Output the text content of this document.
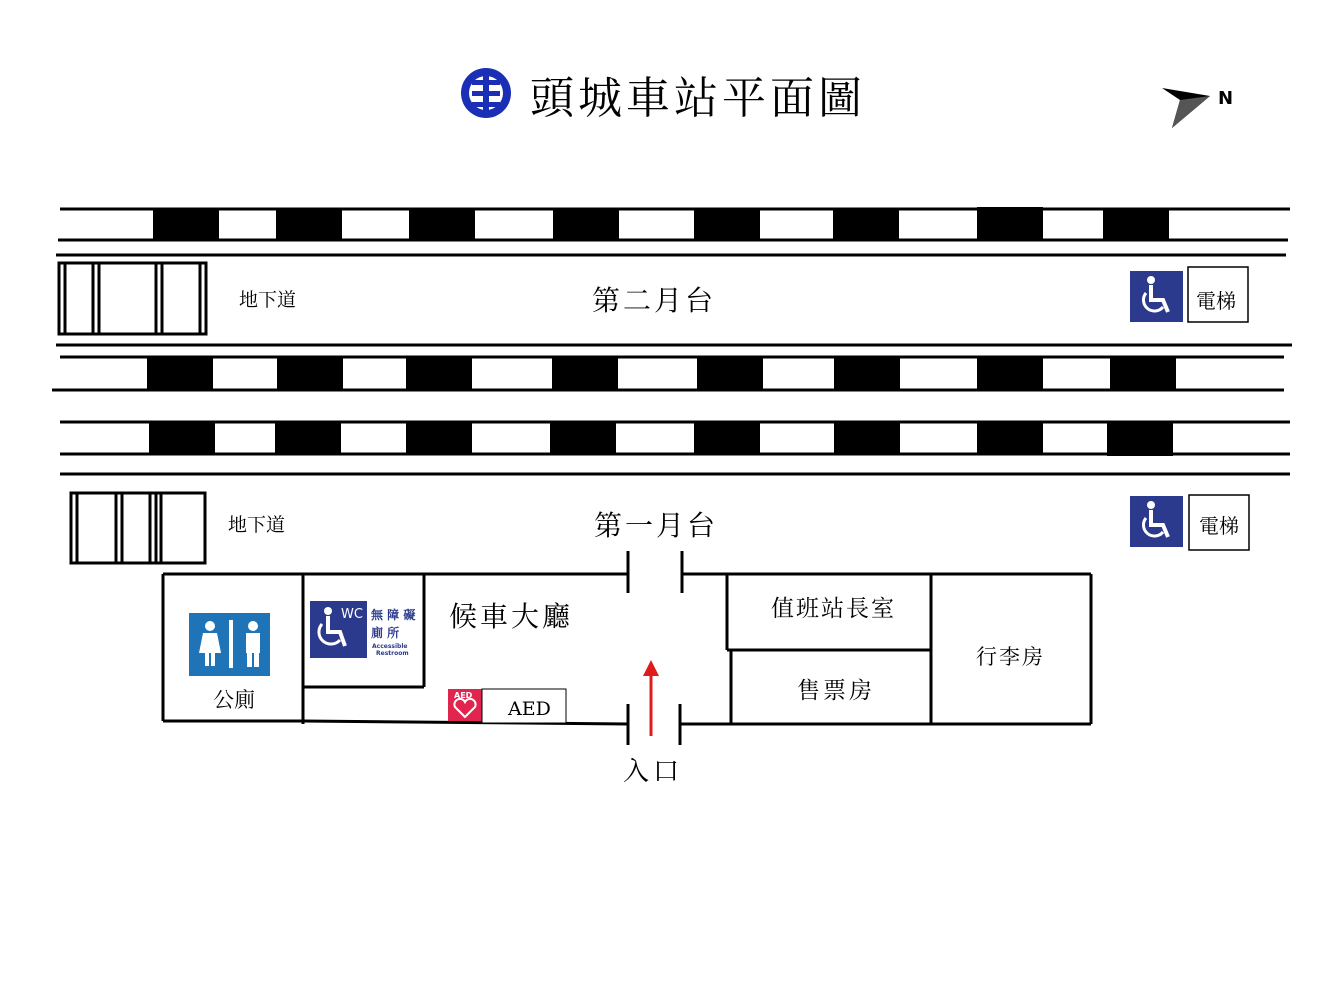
頭城車站平面圖	N
地下道	第二月台	電梯
地下道	第一月台	電梯
公廁
WC 無 障 礙
廁 所
Accessible
Restroom
候車大廳
AED
AED
值班站長室
售票房
行李房
入口
